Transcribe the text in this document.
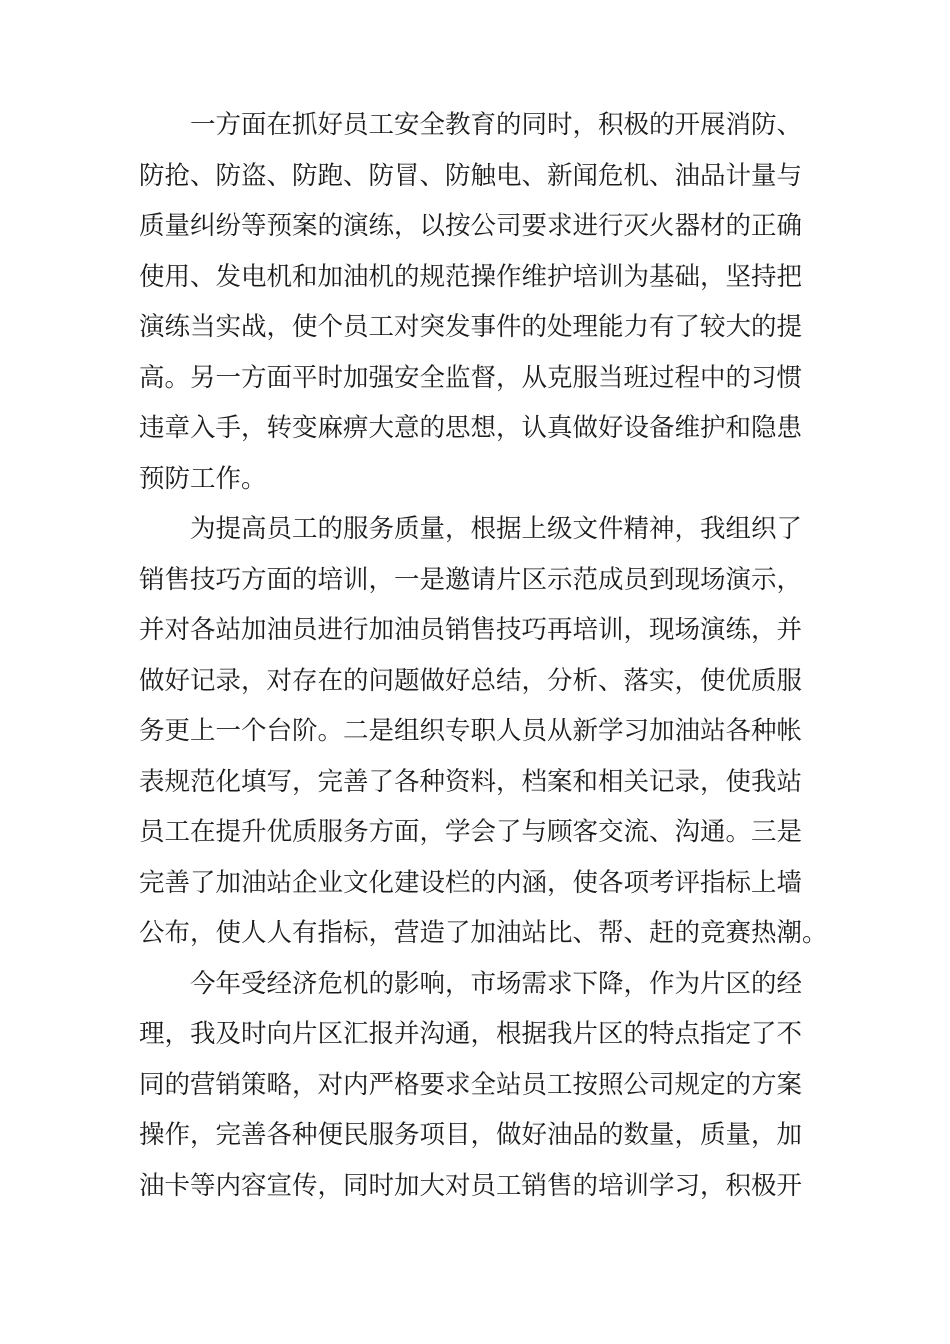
一方面在抓好员工安全教育的同时，积极的开展消防、
防抢、防盗、防跑、防冒、防触电、新闻危机、油品计量与
质量纠纷等预案的演练，以按公司要求进行灭火器材的正确
使用、发电机和加油机的规范操作维护培训为基础，坚持把
演练当实战，使个员工对突发事件的处理能力有了较大的提
高。另一方面平时加强安全监督，从克服当班过程中的习惯
违章入手，转变麻痹大意的思想，认真做好设备维护和隐患
预防工作。
为提高员工的服务质量，根据上级文件精神，我组织了
销售技巧方面的培训，一是邀请片区示范成员到现场演示，
并对各站加油员进行加油员销售技巧再培训，现场演练，并
做好记录，对存在的问题做好总结，分析、落实，使优质服
务更上一个台阶。二是组织专职人员从新学习加油站各种帐
表规范化填写，完善了各种资料，档案和相关记录，使我站
员工在提升优质服务方面，学会了与顾客交流、沟通。三是
完善了加油站企业文化建设栏的内涵，使各项考评指标上墙
公布，使人人有指标，营造了加油站比、帮、赶的竞赛热潮。
今年受经济危机的影响，市场需求下降，作为片区的经
理，我及时向片区汇报并沟通，根据我片区的特点指定了不
同的营销策略，对内严格要求全站员工按照公司规定的方案
操作，完善各种便民服务项目，做好油品的数量，质量，加
油卡等内容宣传，同时加大对员工销售的培训学习，积极开
